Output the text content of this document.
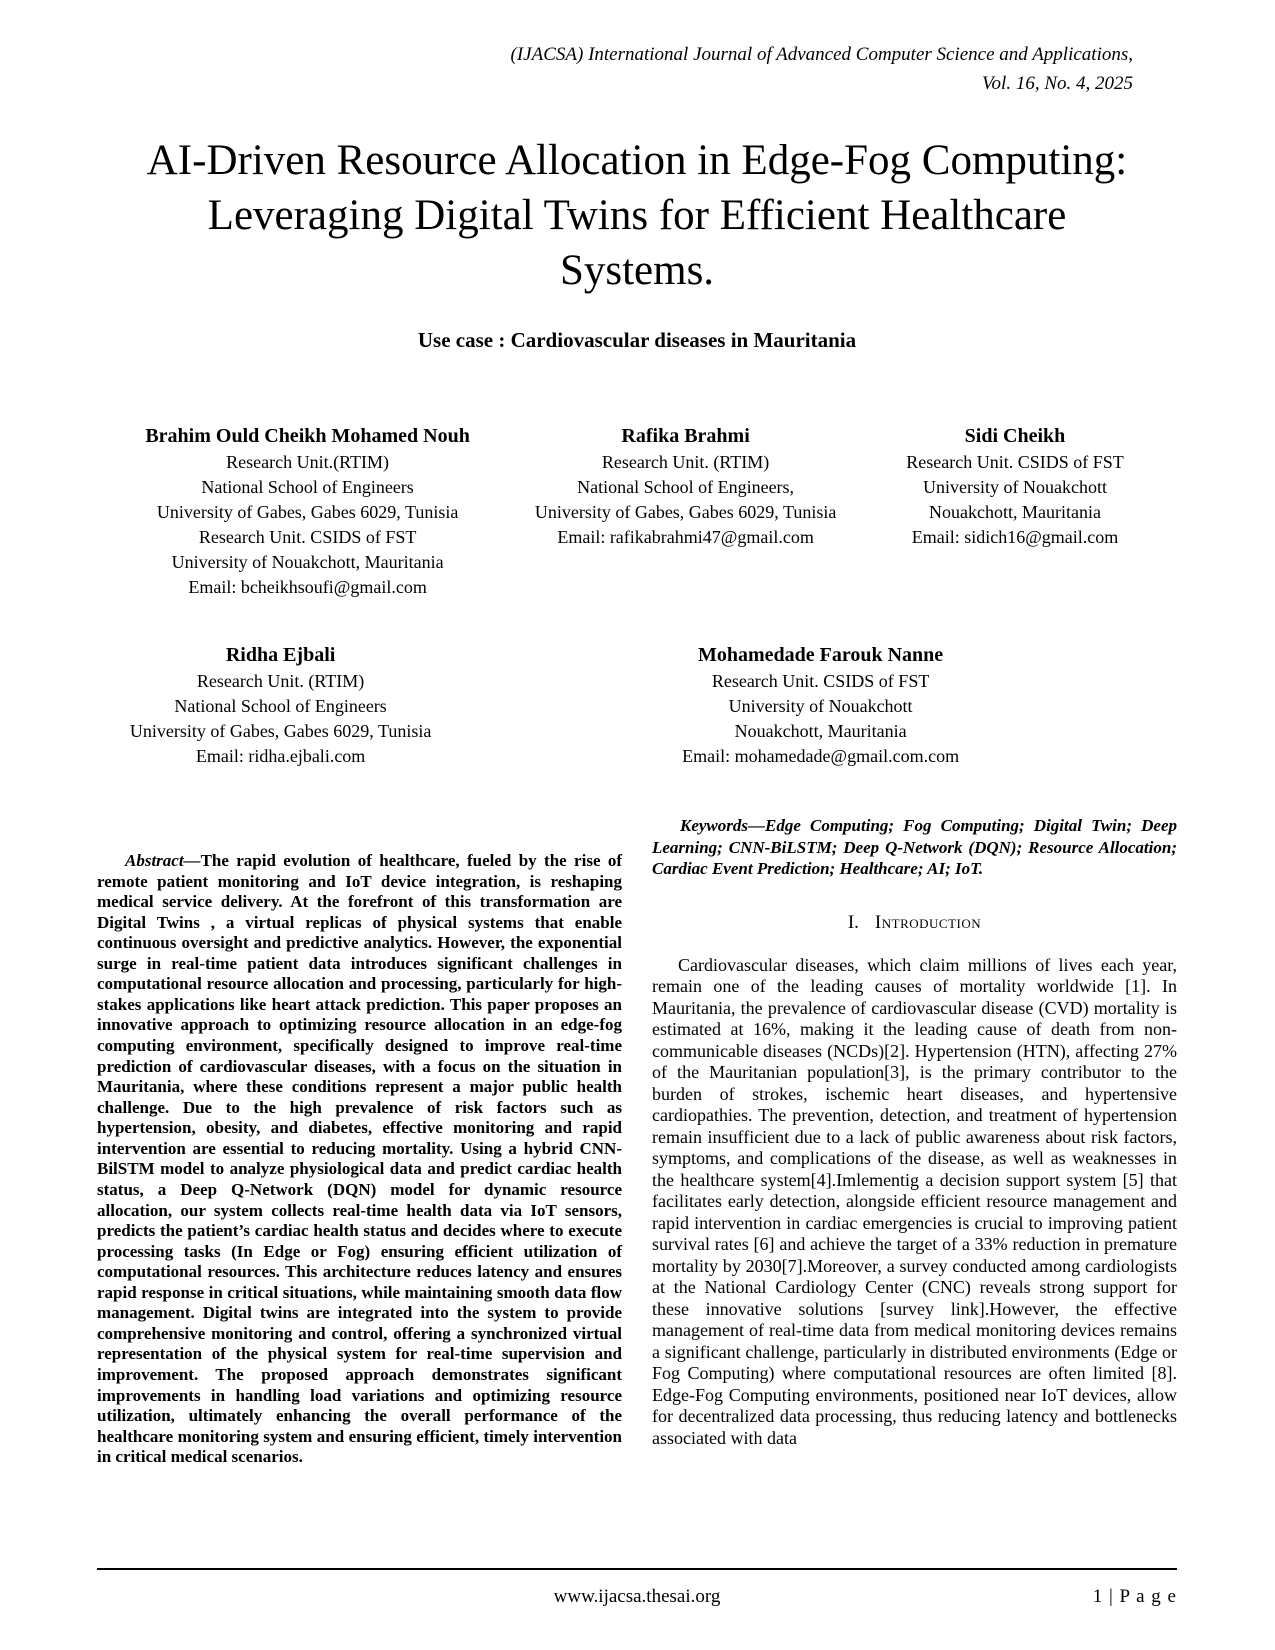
(IJACSA) International Journal of Advanced Computer Science and Applications,
Vol. 16, No. 4, 2025
AI-Driven Resource Allocation in Edge-Fog Computing: Leveraging Digital Twins for Efficient Healthcare Systems.
Use case : Cardiovascular diseases in Mauritania
Brahim Ould Cheikh Mohamed Nouh
Research Unit.(RTIM)
National School of Engineers
University of Gabes, Gabes 6029, Tunisia
Research Unit. CSIDS of FST
University of Nouakchott, Mauritania
Email: bcheikhsoufi@gmail.com
Rafika Brahmi
Research Unit. (RTIM)
National School of Engineers,
University of Gabes, Gabes 6029, Tunisia
Email: rafikabrahmi47@gmail.com
Sidi Cheikh
Research Unit. CSIDS of FST
University of Nouakchott
Nouakchott, Mauritania
Email: sidich16@gmail.com
Ridha Ejbali
Research Unit. (RTIM)
National School of Engineers
University of Gabes, Gabes 6029, Tunisia
Email: ridha.ejbali.com
Mohamedade Farouk Nanne
Research Unit. CSIDS of FST
University of Nouakchott
Nouakchott, Mauritania
Email: mohamedade@gmail.com.com

Abstract—The rapid evolution of healthcare, fueled by the rise of remote patient monitoring and IoT device integration, is reshaping medical service delivery. At the forefront of this transformation are Digital Twins , a virtual replicas of physical systems that enable continuous oversight and predictive analytics. However, the exponential surge in real-time patient data introduces significant challenges in computational resource allocation and processing, particularly for high-stakes applications like heart attack prediction. This paper proposes an innovative approach to optimizing resource allocation in an edge-fog computing environment, specifically designed to improve real-time prediction of cardiovascular diseases, with a focus on the situation in Mauritania, where these conditions represent a major public health challenge. Due to the high prevalence of risk factors such as hypertension, obesity, and diabetes, effective monitoring and rapid intervention are essential to reducing mortality. Using a hybrid CNN-BilSTM model to analyze physiological data and predict cardiac health status, a Deep Q-Network (DQN) model for dynamic resource allocation, our system collects real-time health data via IoT sensors, predicts the patient’s cardiac health status and decides where to execute processing tasks (In Edge or Fog) ensuring efficient utilization of computational resources. This architecture reduces latency and ensures rapid response in critical situations, while maintaining smooth data flow management. Digital twins are integrated into the system to provide comprehensive monitoring and control, offering a synchronized virtual representation of the physical system for real-time supervision and improvement. The proposed approach demonstrates significant improvements in handling load variations and optimizing resource utilization, ultimately enhancing the overall performance of the healthcare monitoring system and ensuring efficient, timely intervention in critical medical scenarios.

Keywords—Edge Computing; Fog Computing; Digital Twin; Deep Learning; CNN-BiLSTM; Deep Q-Network (DQN); Resource Allocation; Cardiac Event Prediction; Healthcare; AI; IoT.

I. Introduction

Cardiovascular diseases, which claim millions of lives each year, remain one of the leading causes of mortality worldwide [1]. In Mauritania, the prevalence of cardiovascular disease (CVD) mortality is estimated at 16%, making it the leading cause of death from non-communicable diseases (NCDs)[2]. Hypertension (HTN), affecting 27% of the Mauritanian population[3], is the primary contributor to the burden of strokes, ischemic heart diseases, and hypertensive cardiopathies. The prevention, detection, and treatment of hypertension remain insufficient due to a lack of public awareness about risk factors, symptoms, and complications of the disease, as well as weaknesses in the healthcare system[4].Imlementig a decision support system [5] that facilitates early detection, alongside efficient resource management and rapid intervention in cardiac emergencies is crucial to improving patient survival rates [6] and achieve the target of a 33% reduction in premature mortality by 2030[7].Moreover, a survey conducted among cardiologists at the National Cardiology Center (CNC) reveals strong support for these innovative solutions [survey link].However, the effective management of real-time data from medical monitoring devices remains a significant challenge, particularly in distributed environments (Edge or Fog Computing) where computational resources are often limited [8]. Edge-Fog Computing environments, positioned near IoT devices, allow for decentralized data processing, thus reducing latency and bottlenecks associated with data

www.ijacsa.thesai.org	1 | P a g e
